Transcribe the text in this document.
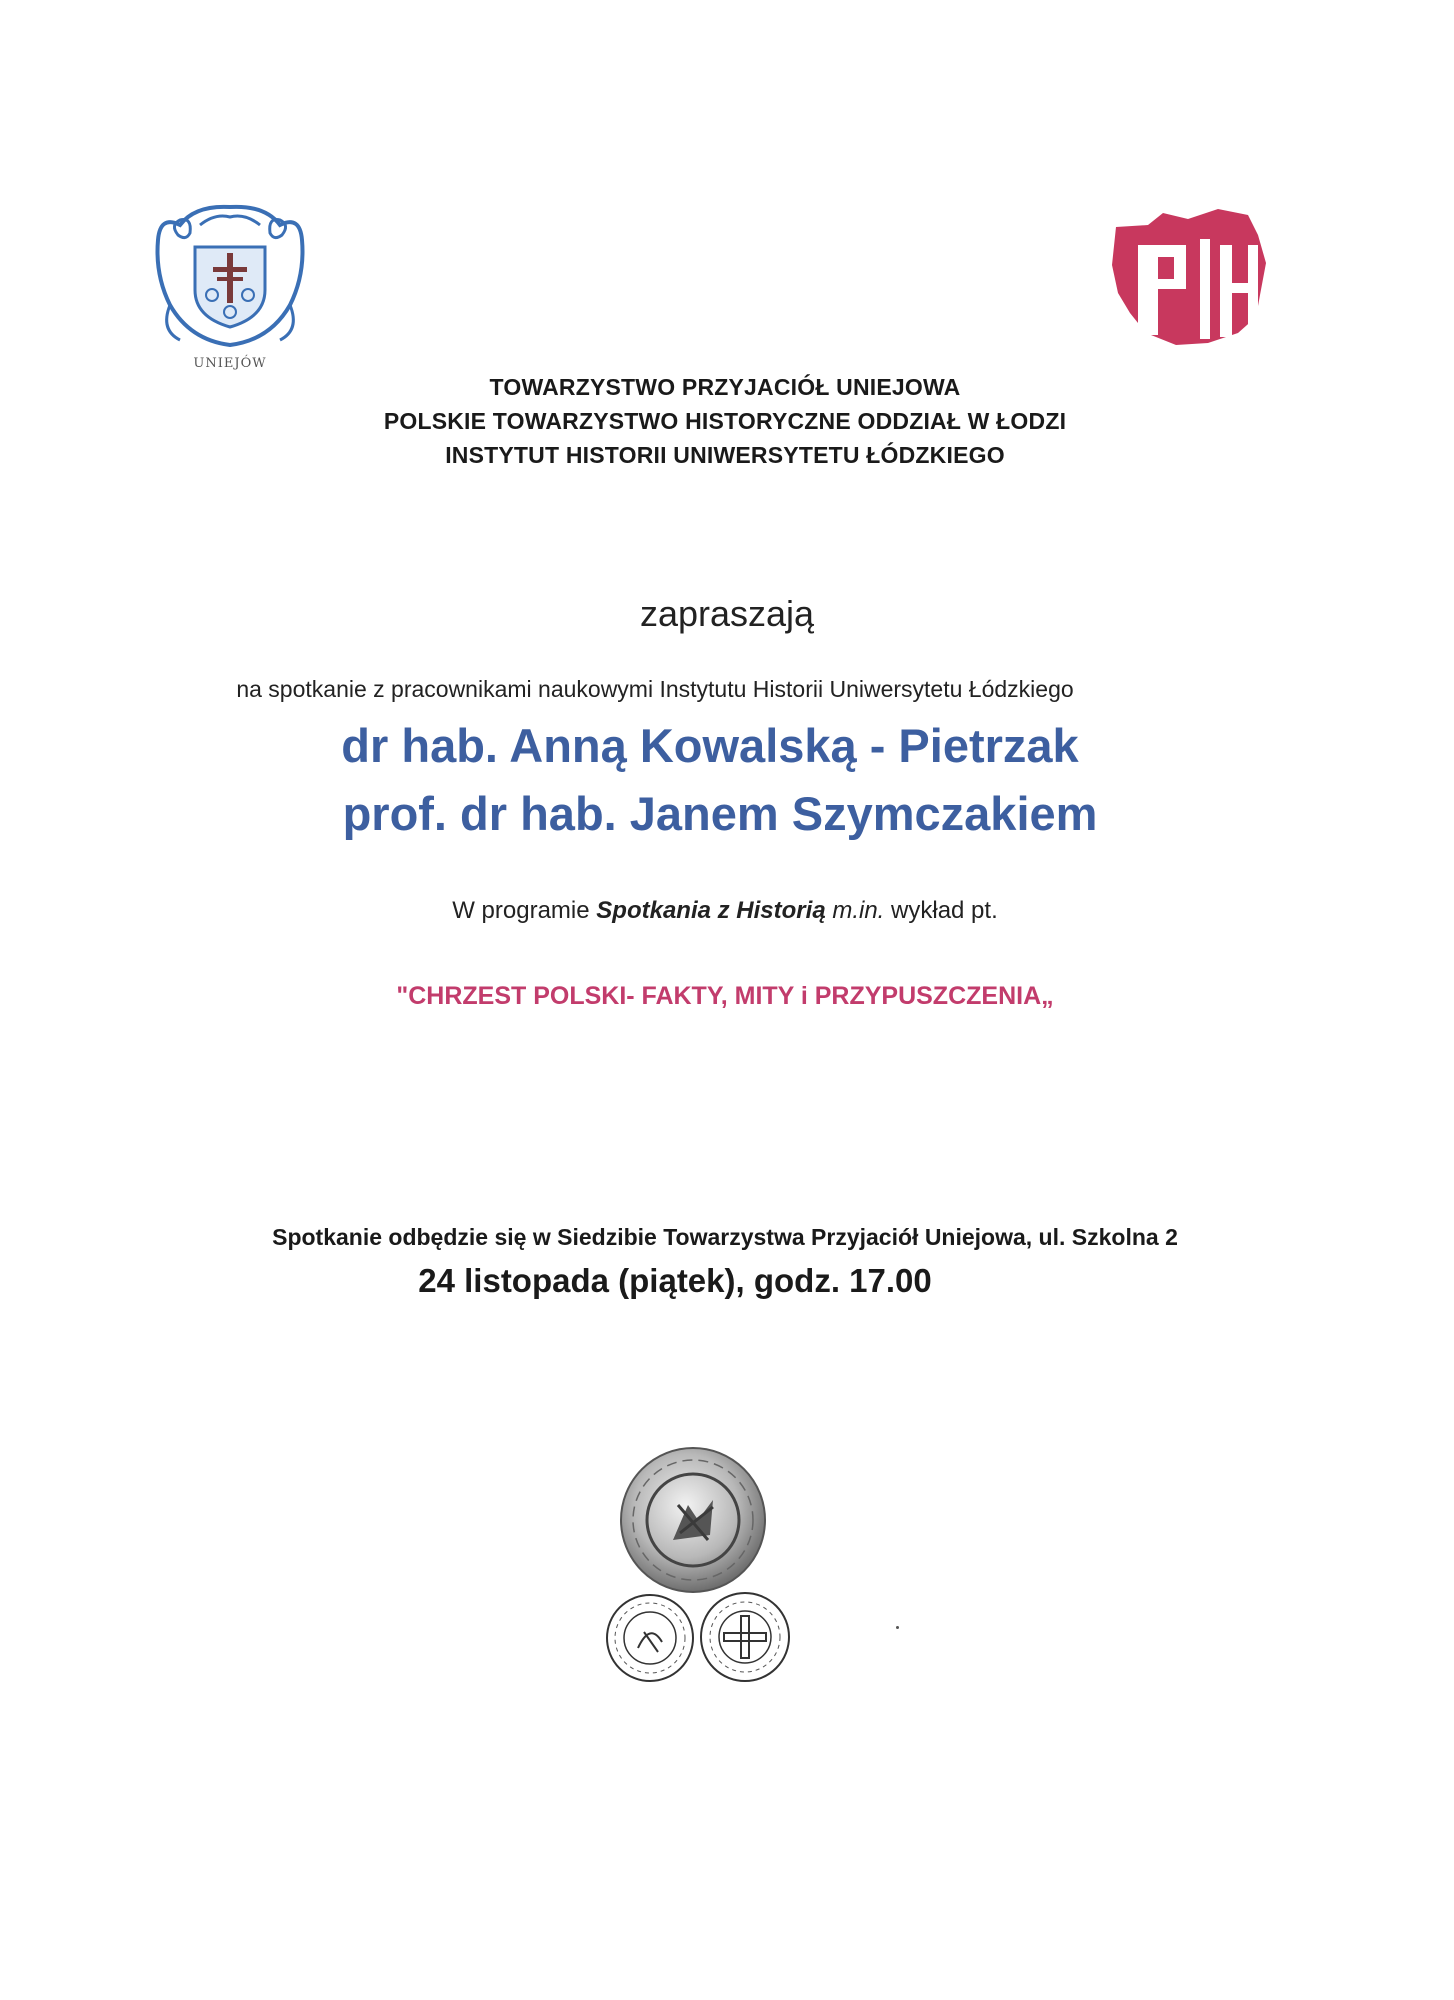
UNIEJÓW
TOWARZYSTWO PRZYJACIÓŁ UNIEJOWA
POLSKIE TOWARZYSTWO HISTORYCZNE ODDZIAŁ W ŁODZI
INSTYTUT HISTORII UNIWERSYTETU ŁÓDZKIEGO
zapraszają
na spotkanie z pracownikami naukowymi Instytutu Historii Uniwersytetu Łódzkiego
dr hab. Anną Kowalską - Pietrzak
prof. dr hab. Janem Szymczakiem
W programie Spotkania z Historią m.in. wykład pt.
"CHRZEST POLSKI- FAKTY, MITY i PRZYPUSZCZENIA„
Spotkanie odbędzie się w Siedzibie Towarzystwa Przyjaciół Uniejowa, ul. Szkolna 2
24 listopada (piątek), godz. 17.00
